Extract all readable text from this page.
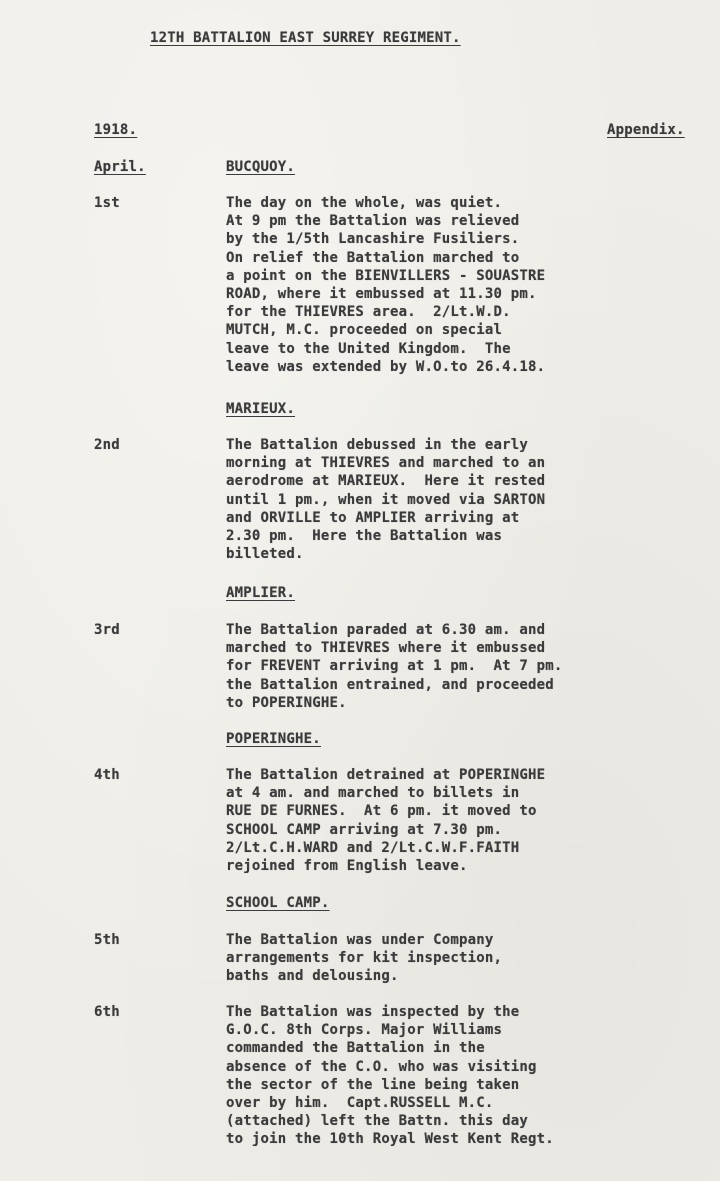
12TH BATTALION EAST SURREY REGIMENT.
1918.	Appendix.
April.	BUCQUOY.
1st	The day on the whole, was quiet.
At 9 pm the Battalion was relieved
by the 1/5th Lancashire Fusiliers.
On relief the Battalion marched to
a point on the BIENVILLERS - SOUASTRE
ROAD, where it embussed at 11.30 pm.
for the THIEVRES area.  2/Lt.W.D.
MUTCH, M.C. proceeded on special
leave to the United Kingdom.  The
leave was extended by W.O.to 26.4.18.
MARIEUX.
2nd	The Battalion debussed in the early
morning at THIEVRES and marched to an
aerodrome at MARIEUX.  Here it rested
until 1 pm., when it moved via SARTON
and ORVILLE to AMPLIER arriving at
2.30 pm.  Here the Battalion was
billeted.
AMPLIER.
3rd	The Battalion paraded at 6.30 am. and
marched to THIEVRES where it embussed
for FREVENT arriving at 1 pm.  At 7 pm.
the Battalion entrained, and proceeded
to POPERINGHE.
POPERINGHE.
4th	The Battalion detrained at POPERINGHE
at 4 am. and marched to billets in
RUE DE FURNES.  At 6 pm. it moved to
SCHOOL CAMP arriving at 7.30 pm.
2/Lt.C.H.WARD and 2/Lt.C.W.F.FAITH
rejoined from English leave.
SCHOOL CAMP.
5th	The Battalion was under Company
arrangements for kit inspection,
baths and delousing.
6th	The Battalion was inspected by the
G.O.C. 8th Corps. Major Williams
commanded the Battalion in the
absence of the C.O. who was visiting
the sector of the line being taken
over by him.  Capt.RUSSELL M.C.
(attached) left the Battn. this day
to join the 10th Royal West Kent Regt.
